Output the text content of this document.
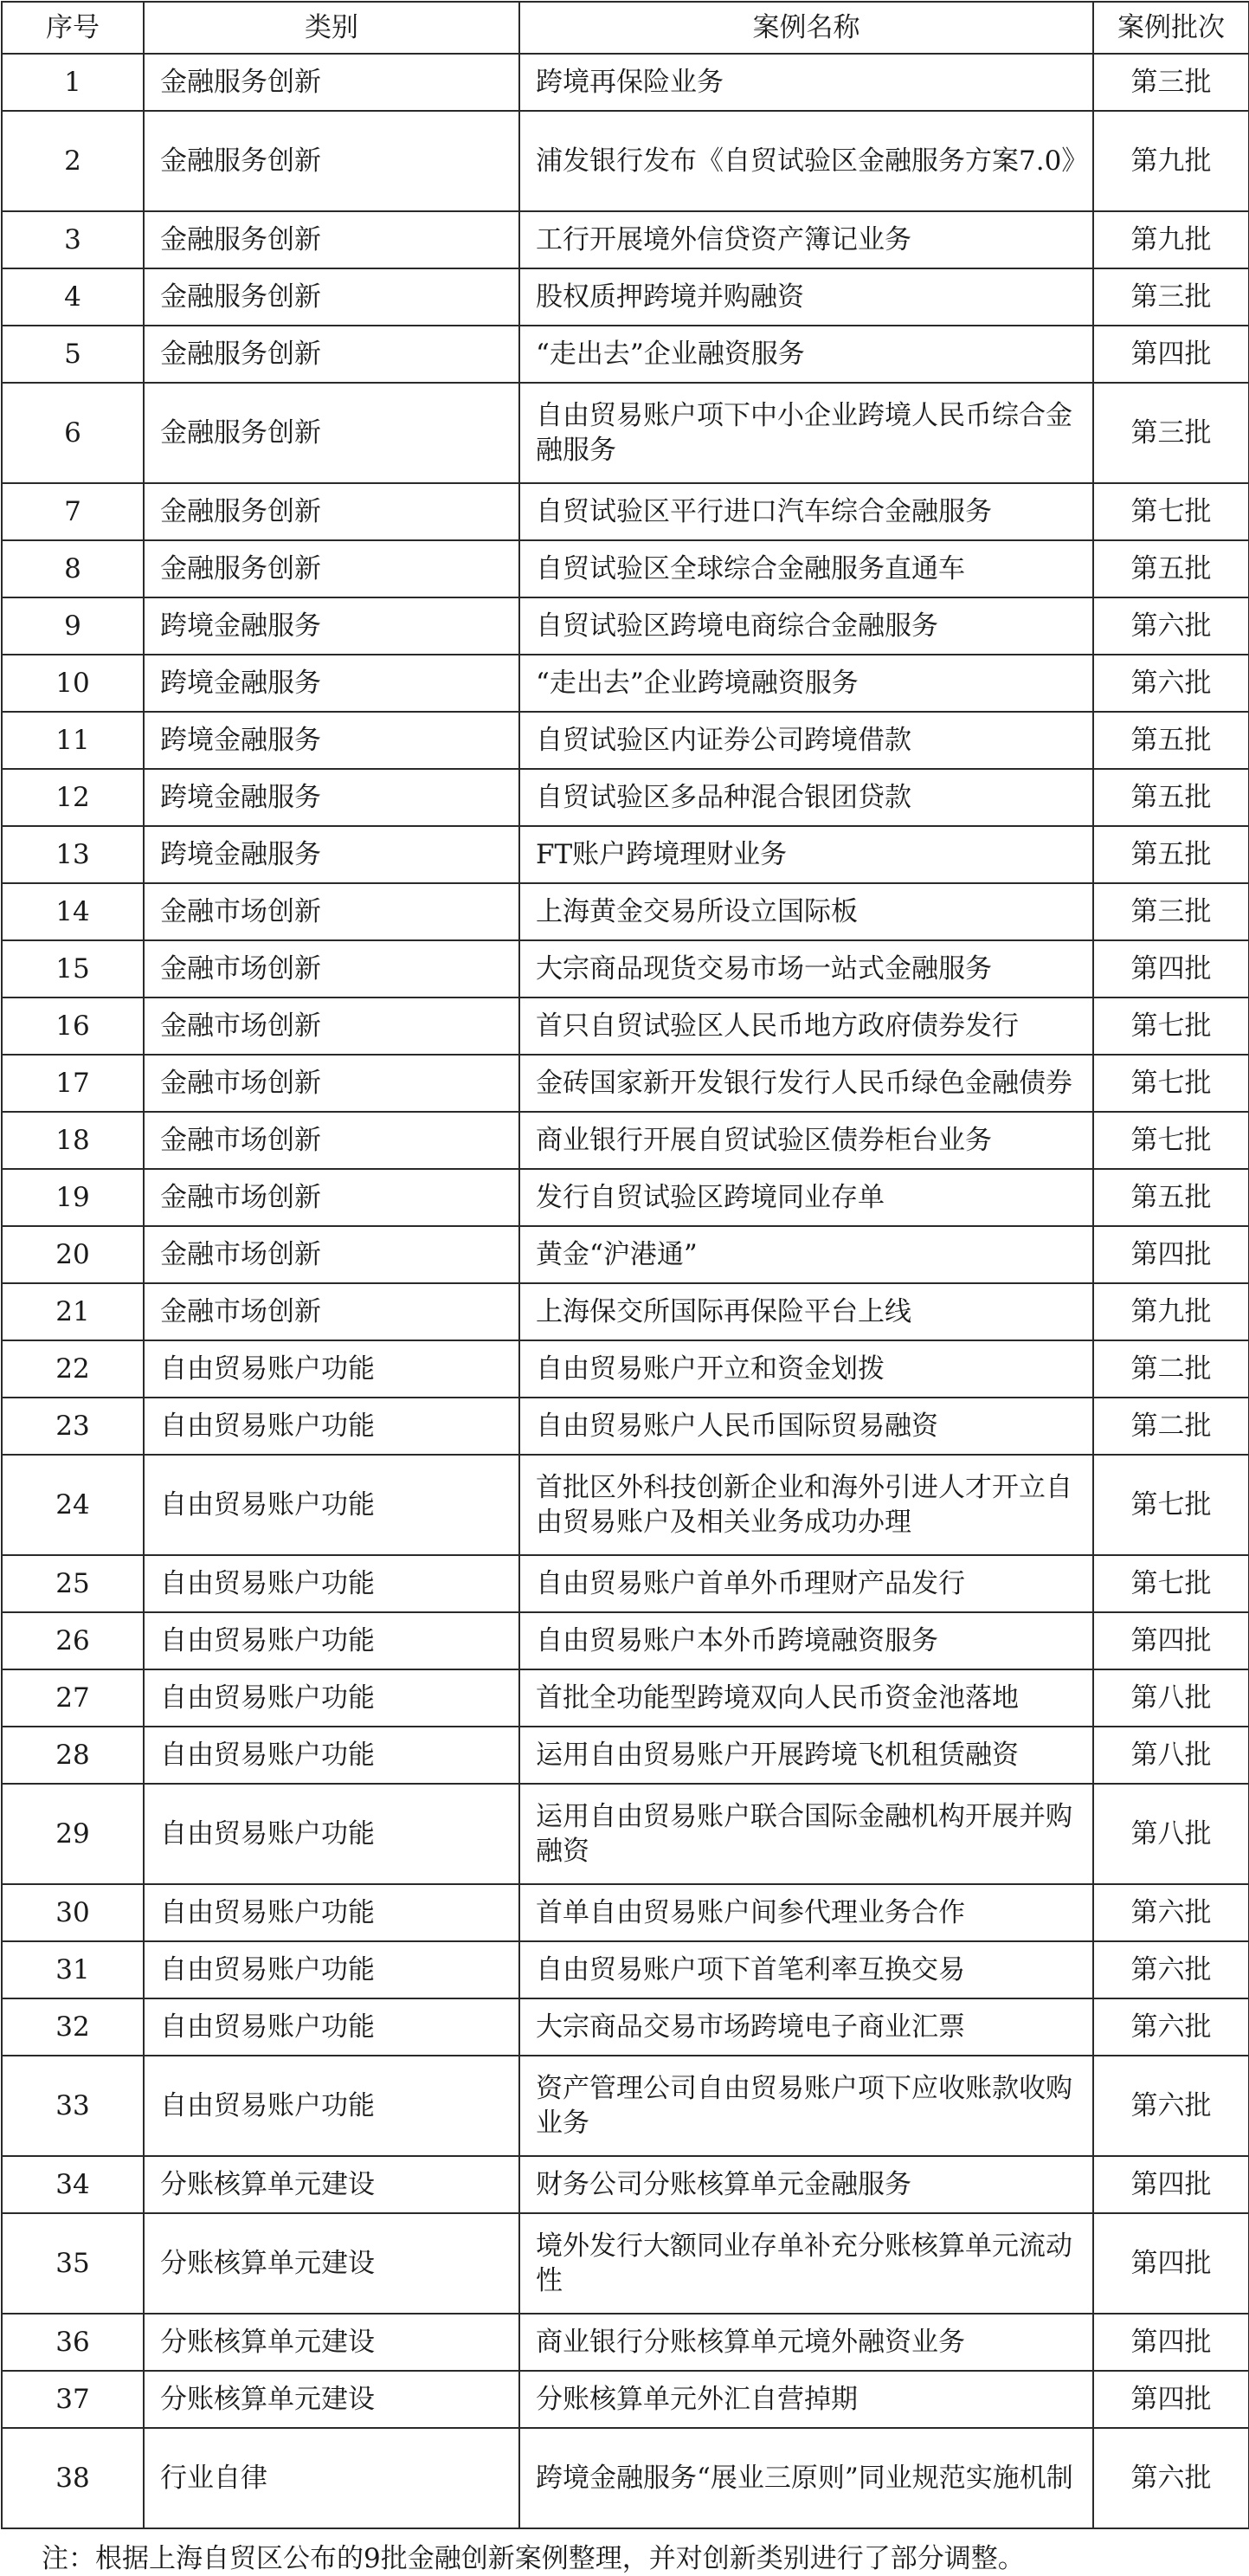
序号	类别	案例名称	案例批次
1	金融服务创新	跨境再保险业务	第三批
2	金融服务创新	浦发银行发布《自贸试验区金融服务方案7.0》	第九批
3	金融服务创新	工行开展境外信贷资产簿记业务	第九批
4	金融服务创新	股权质押跨境并购融资	第三批
5	金融服务创新	“走出去”企业融资服务	第四批
6	金融服务创新	自由贸易账户项下中小企业跨境人民币综合金融服务	第三批
7	金融服务创新	自贸试验区平行进口汽车综合金融服务	第七批
8	金融服务创新	自贸试验区全球综合金融服务直通车	第五批
9	跨境金融服务	自贸试验区跨境电商综合金融服务	第六批
10	跨境金融服务	“走出去”企业跨境融资服务	第六批
11	跨境金融服务	自贸试验区内证券公司跨境借款	第五批
12	跨境金融服务	自贸试验区多品种混合银团贷款	第五批
13	跨境金融服务	FT账户跨境理财业务	第五批
14	金融市场创新	上海黄金交易所设立国际板	第三批
15	金融市场创新	大宗商品现货交易市场一站式金融服务	第四批
16	金融市场创新	首只自贸试验区人民币地方政府债券发行	第七批
17	金融市场创新	金砖国家新开发银行发行人民币绿色金融债券	第七批
18	金融市场创新	商业银行开展自贸试验区债券柜台业务	第七批
19	金融市场创新	发行自贸试验区跨境同业存单	第五批
20	金融市场创新	黄金“沪港通”	第四批
21	金融市场创新	上海保交所国际再保险平台上线	第九批
22	自由贸易账户功能	自由贸易账户开立和资金划拨	第二批
23	自由贸易账户功能	自由贸易账户人民币国际贸易融资	第二批
24	自由贸易账户功能	首批区外科技创新企业和海外引进人才开立自由贸易账户及相关业务成功办理	第七批
25	自由贸易账户功能	自由贸易账户首单外币理财产品发行	第七批
26	自由贸易账户功能	自由贸易账户本外币跨境融资服务	第四批
27	自由贸易账户功能	首批全功能型跨境双向人民币资金池落地	第八批
28	自由贸易账户功能	运用自由贸易账户开展跨境飞机租赁融资	第八批
29	自由贸易账户功能	运用自由贸易账户联合国际金融机构开展并购融资	第八批
30	自由贸易账户功能	首单自由贸易账户间参代理业务合作	第六批
31	自由贸易账户功能	自由贸易账户项下首笔利率互换交易	第六批
32	自由贸易账户功能	大宗商品交易市场跨境电子商业汇票	第六批
33	自由贸易账户功能	资产管理公司自由贸易账户项下应收账款收购业务	第六批
34	分账核算单元建设	财务公司分账核算单元金融服务	第四批
35	分账核算单元建设	境外发行大额同业存单补充分账核算单元流动性	第四批
36	分账核算单元建设	商业银行分账核算单元境外融资业务	第四批
37	分账核算单元建设	分账核算单元外汇自营掉期	第四批
38	行业自律	跨境金融服务“展业三原则”同业规范实施机制	第六批
注：根据上海自贸区公布的9批金融创新案例整理，并对创新类别进行了部分调整。
